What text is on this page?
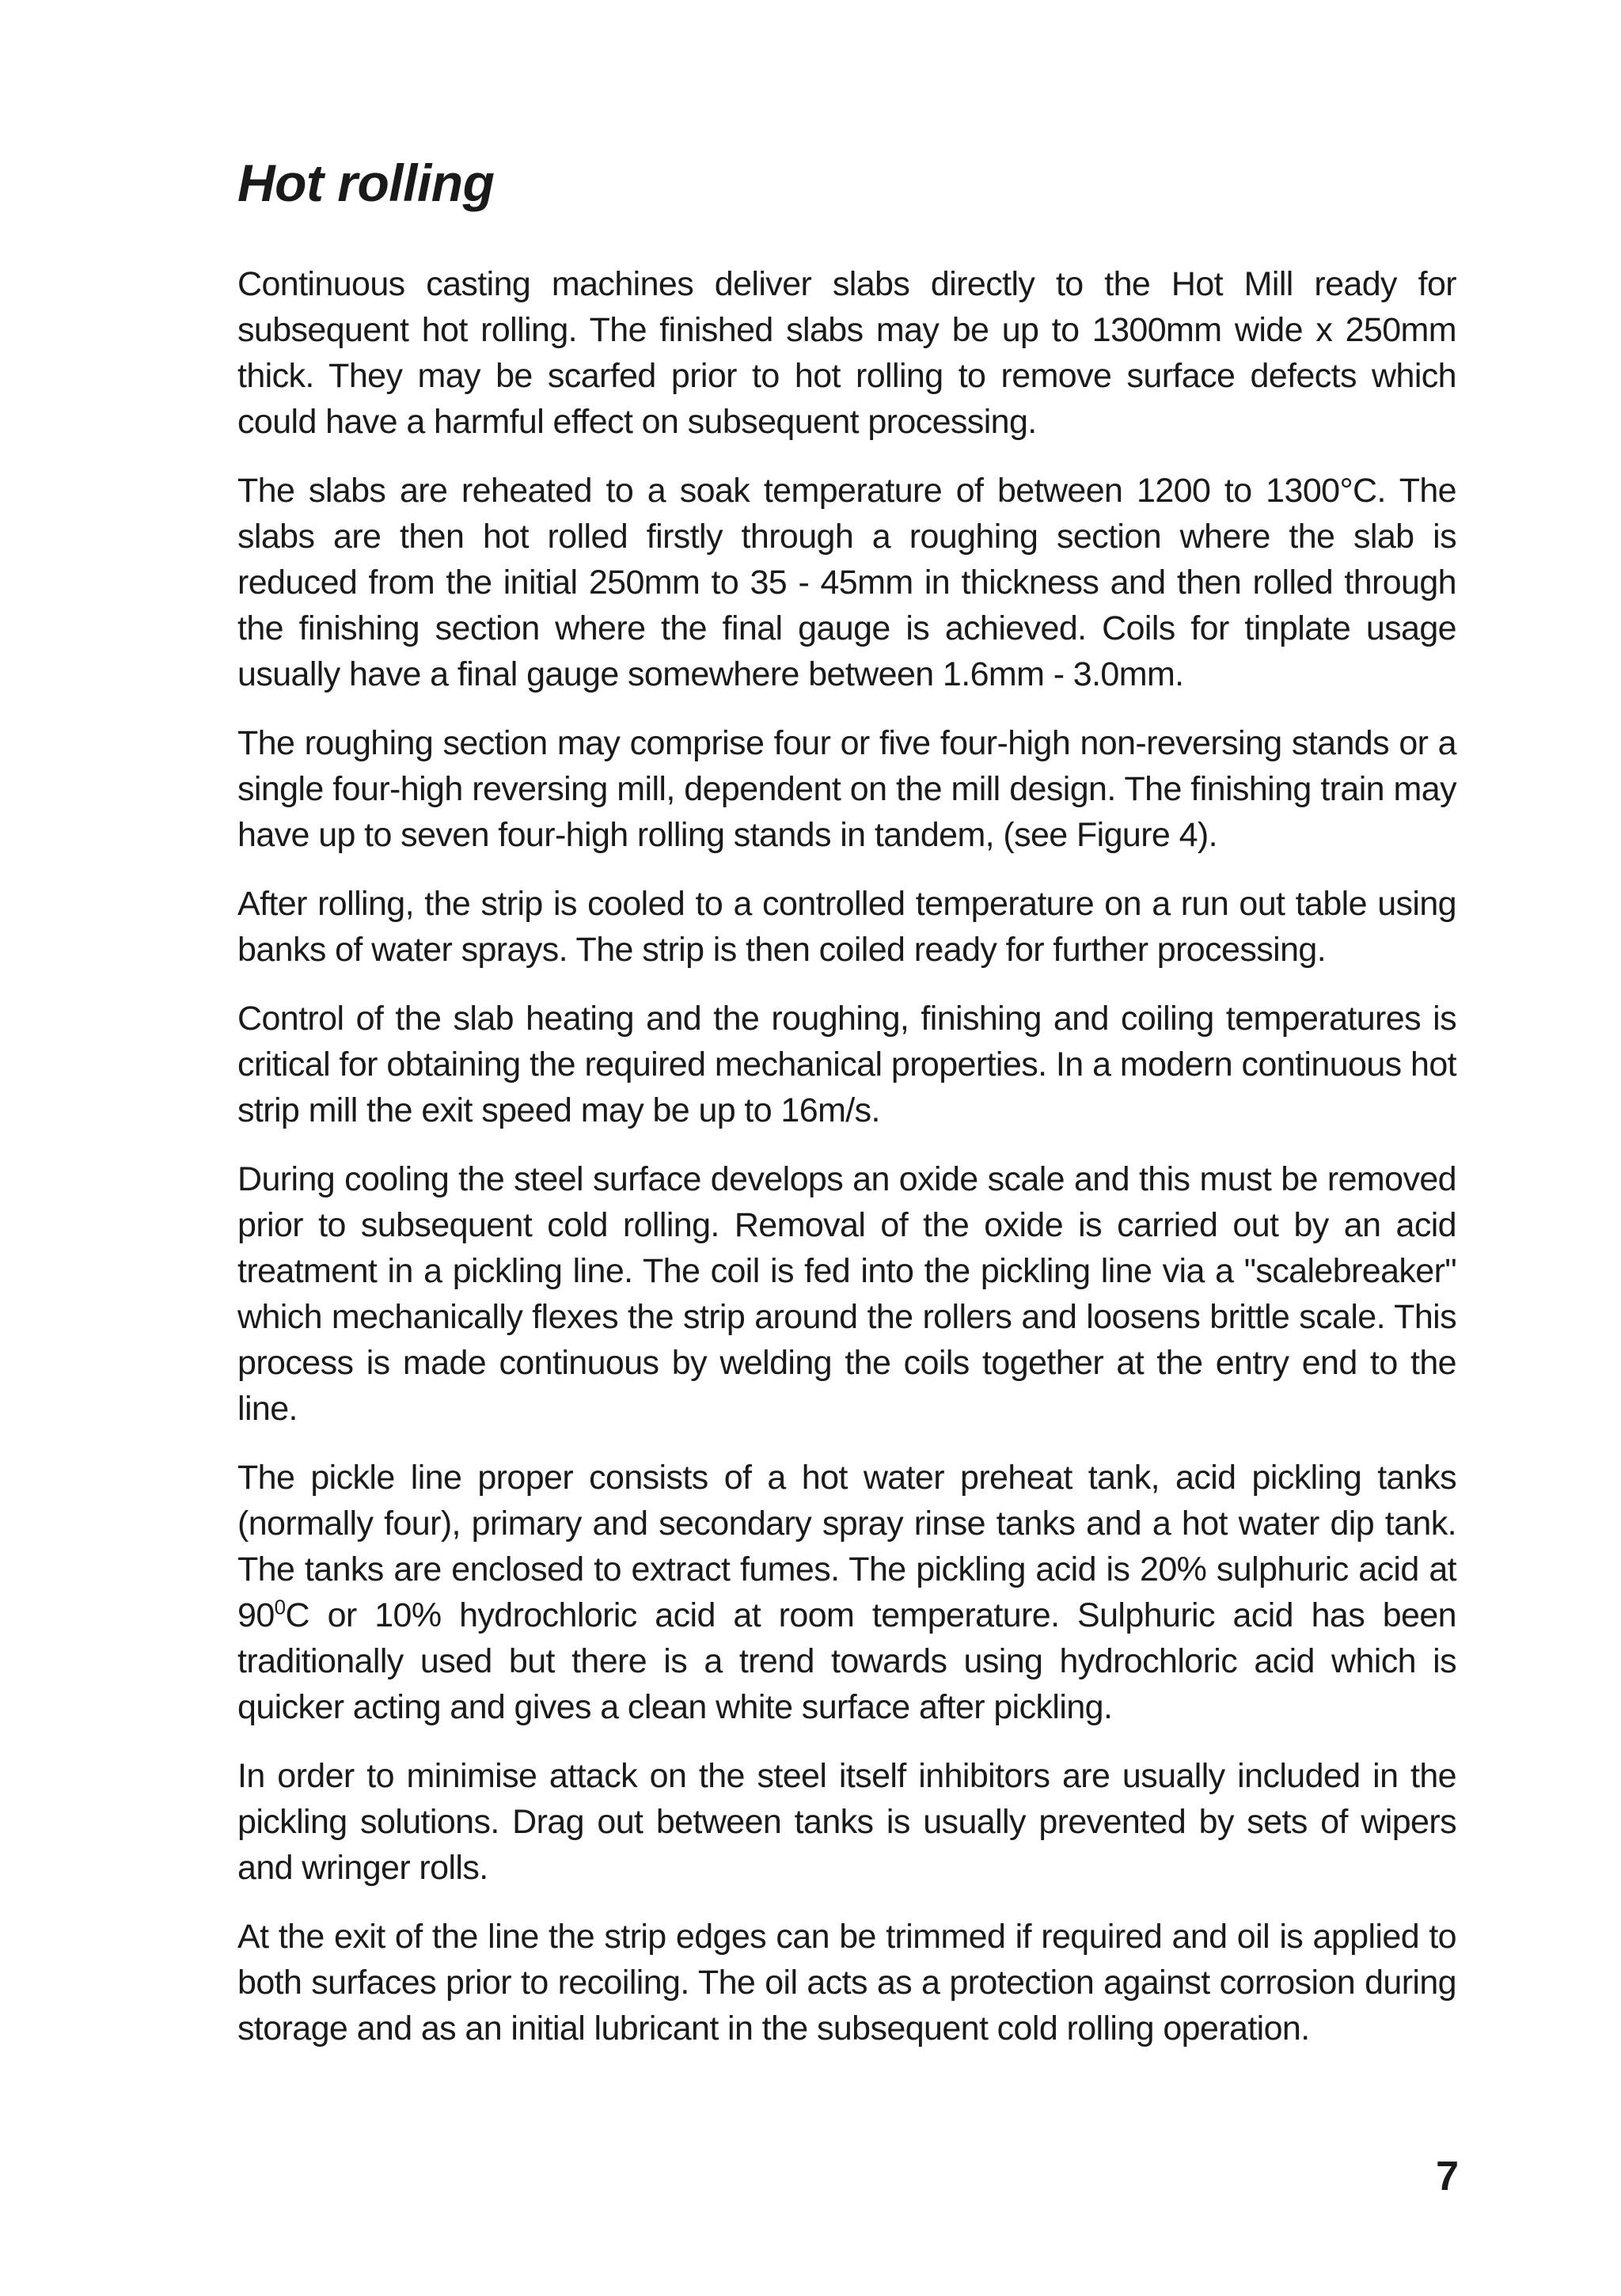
Hot rolling

Continuous casting machines deliver slabs directly to the Hot Mill ready for subsequent hot rolling. The finished slabs may be up to 1300mm wide x 250mm thick. They may be scarfed prior to hot rolling to remove surface defects which could have a harmful effect on subsequent processing.

The slabs are reheated to a soak temperature of between 1200 to 1300°C. The slabs are then hot rolled firstly through a roughing section where the slab is reduced from the initial 250mm to 35 - 45mm in thickness and then rolled through the finishing section where the final gauge is achieved. Coils for tinplate usage usually have a final gauge somewhere between 1.6mm - 3.0mm.

The roughing section may comprise four or five four-high non-reversing stands or a single four-high reversing mill, dependent on the mill design. The finishing train may have up to seven four-high rolling stands in tandem, (see Figure 4).

After rolling, the strip is cooled to a controlled temperature on a run out table using banks of water sprays. The strip is then coiled ready for further processing.

Control of the slab heating and the roughing, finishing and coiling temperatures is critical for obtaining the required mechanical properties. In a modern continuous hot strip mill the exit speed may be up to 16m/s.

During cooling the steel surface develops an oxide scale and this must be removed prior to subsequent cold rolling. Removal of the oxide is carried out by an acid treatment in a pickling line. The coil is fed into the pickling line via a "scalebreaker" which mechanically flexes the strip around the rollers and loosens brittle scale. This process is made continuous by welding the coils together at the entry end to the line.

The pickle line proper consists of a hot water preheat tank, acid pickling tanks (normally four), primary and secondary spray rinse tanks and a hot water dip tank. The tanks are enclosed to extract fumes. The pickling acid is 20% sulphuric acid at $90^0C$ or 10% hydrochloric acid at room temperature. Sulphuric acid has been traditionally used but there is a trend towards using hydrochloric acid which is quicker acting and gives a clean white surface after pickling.

In order to minimise attack on the steel itself inhibitors are usually included in the pickling solutions. Drag out between tanks is usually prevented by sets of wipers and wringer rolls.

At the exit of the line the strip edges can be trimmed if required and oil is applied to both surfaces prior to recoiling. The oil acts as a protection against corrosion during storage and as an initial lubricant in the subsequent cold rolling operation.

7
